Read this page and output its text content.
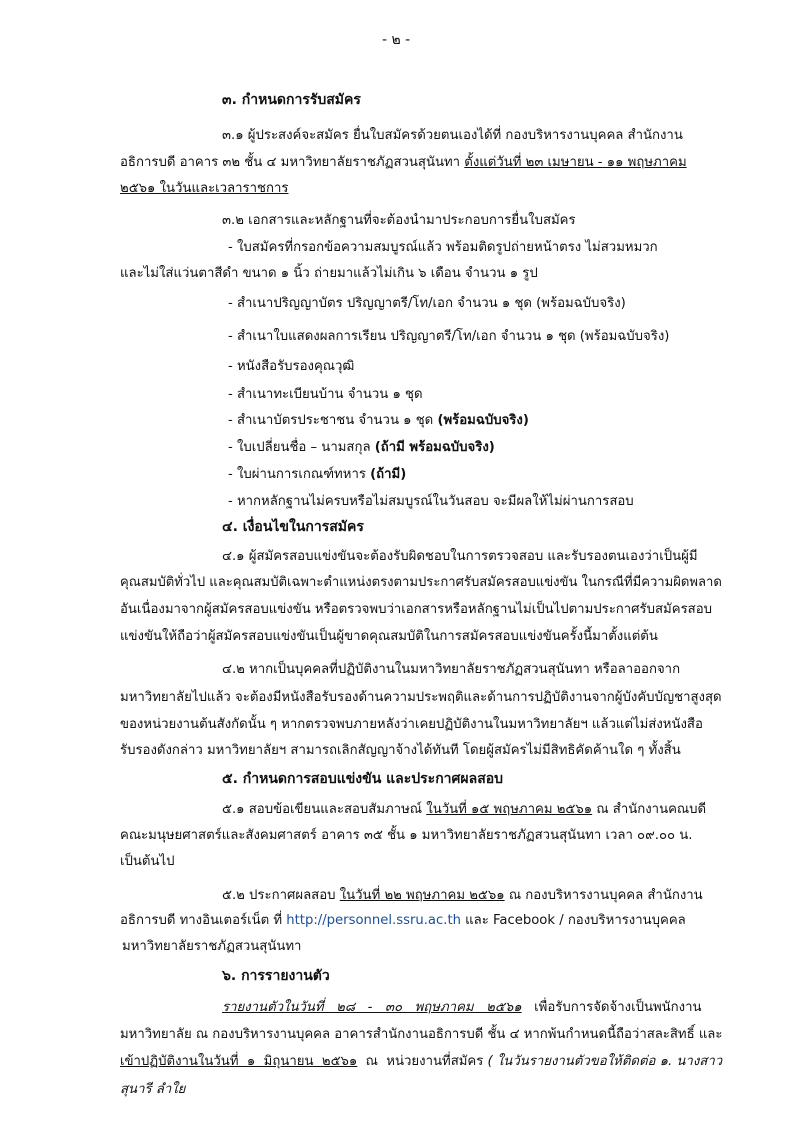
- ๒ -
๓. กำหนดการรับสมัคร
๓.๑ ผู้ประสงค์จะสมัคร ยื่นใบสมัครด้วยตนเองได้ที่ กองบริหารงานบุคคล สำนักงาน
อธิการบดี อาคาร ๓๒ ชั้น ๔ มหาวิทยาลัยราชภัฏสวนสุนันทา ตั้งแต่วันที่ ๒๓ เมษายน - ๑๑ พฤษภาคม
๒๕๖๑ ในวันและเวลาราชการ
๓.๒ เอกสารและหลักฐานที่จะต้องนำมาประกอบการยื่นใบสมัคร
- ใบสมัครที่กรอกข้อความสมบูรณ์แล้ว พร้อมติดรูปถ่ายหน้าตรง ไม่สวมหมวก
และไม่ใส่แว่นตาสีดำ ขนาด ๑ นิ้ว ถ่ายมาแล้วไม่เกิน ๖ เดือน จำนวน ๑ รูป
- สำเนาปริญญาบัตร ปริญญาตรี/โท/เอก จำนวน ๑ ชุด (พร้อมฉบับจริง)
- สำเนาใบแสดงผลการเรียน ปริญญาตรี/โท/เอก จำนวน ๑ ชุด (พร้อมฉบับจริง)
- หนังสือรับรองคุณวุฒิ
- สำเนาทะเบียนบ้าน จำนวน ๑ ชุด
- สำเนาบัตรประชาชน จำนวน ๑ ชุด (พร้อมฉบับจริง)
- ใบเปลี่ยนชื่อ – นามสกุล (ถ้ามี พร้อมฉบับจริง)
- ใบผ่านการเกณฑ์ทหาร (ถ้ามี)
- หากหลักฐานไม่ครบหรือไม่สมบูรณ์ในวันสอบ จะมีผลให้ไม่ผ่านการสอบ
๔. เงื่อนไขในการสมัคร
๔.๑ ผู้สมัครสอบแข่งขันจะต้องรับผิดชอบในการตรวจสอบ และรับรองตนเองว่าเป็นผู้มี
คุณสมบัติทั่วไป และคุณสมบัติเฉพาะตำแหน่งตรงตามประกาศรับสมัครสอบแข่งขัน ในกรณีที่มีความผิดพลาด
อันเนื่องมาจากผู้สมัครสอบแข่งขัน หรือตรวจพบว่าเอกสารหรือหลักฐานไม่เป็นไปตามประกาศรับสมัครสอบ
แข่งขันให้ถือว่าผู้สมัครสอบแข่งขันเป็นผู้ขาดคุณสมบัติในการสมัครสอบแข่งขันครั้งนี้มาตั้งแต่ต้น
๔.๒ หากเป็นบุคคลที่ปฏิบัติงานในมหาวิทยาลัยราชภัฏสวนสุนันทา หรือลาออกจาก
มหาวิทยาลัยไปแล้ว จะต้องมีหนังสือรับรองด้านความประพฤติและด้านการปฏิบัติงานจากผู้บังคับบัญชาสูงสุด
ของหน่วยงานต้นสังกัดนั้น ๆ หากตรวจพบภายหลังว่าเคยปฏิบัติงานในมหาวิทยาลัยฯ แล้วแต่ไม่ส่งหนังสือ
รับรองดังกล่าว มหาวิทยาลัยฯ สามารถเลิกสัญญาจ้างได้ทันที โดยผู้สมัครไม่มีสิทธิคัดค้านใด ๆ ทั้งสิ้น
๕. กำหนดการสอบแข่งขัน และประกาศผลสอบ
๕.๑ สอบข้อเขียนและสอบสัมภาษณ์ ในวันที่ ๑๕ พฤษภาคม ๒๕๖๑ ณ สำนักงานคณบดี
คณะมนุษยศาสตร์และสังคมศาสตร์ อาคาร ๓๕ ชั้น ๑ มหาวิทยาลัยราชภัฏสวนสุนันทา เวลา ๐๙.๐๐ น.
เป็นต้นไป
๕.๒ ประกาศผลสอบ ในวันที่ ๒๒ พฤษภาคม ๒๕๖๑ ณ กองบริหารงานบุคคล สำนักงาน
อธิการบดี ทางอินเตอร์เน็ต ที่ http://personnel.ssru.ac.th และ Facebook / กองบริหารงานบุคคล
มหาวิทยาลัยราชภัฏสวนสุนันทา
๖. การรายงานตัว
รายงานตัวในวันที่   ๒๘   -   ๓๐   พฤษภาคม   ๒๕๖๑   เพื่อรับการจัดจ้างเป็นพนักงาน
มหาวิทยาลัย ณ กองบริหารงานบุคคล อาคารสำนักงานอธิการบดี ชั้น ๔ หากพ้นกำหนดนี้ถือว่าสละสิทธิ์ และ
เข้าปฏิบัติงานในวันที่  ๑  มิถุนายน  ๒๕๖๑  ณ  หน่วยงานที่สมัคร ( ในวันรายงานตัวขอให้ติดต่อ ๑. นางสาว
สุนารี ลำใย
